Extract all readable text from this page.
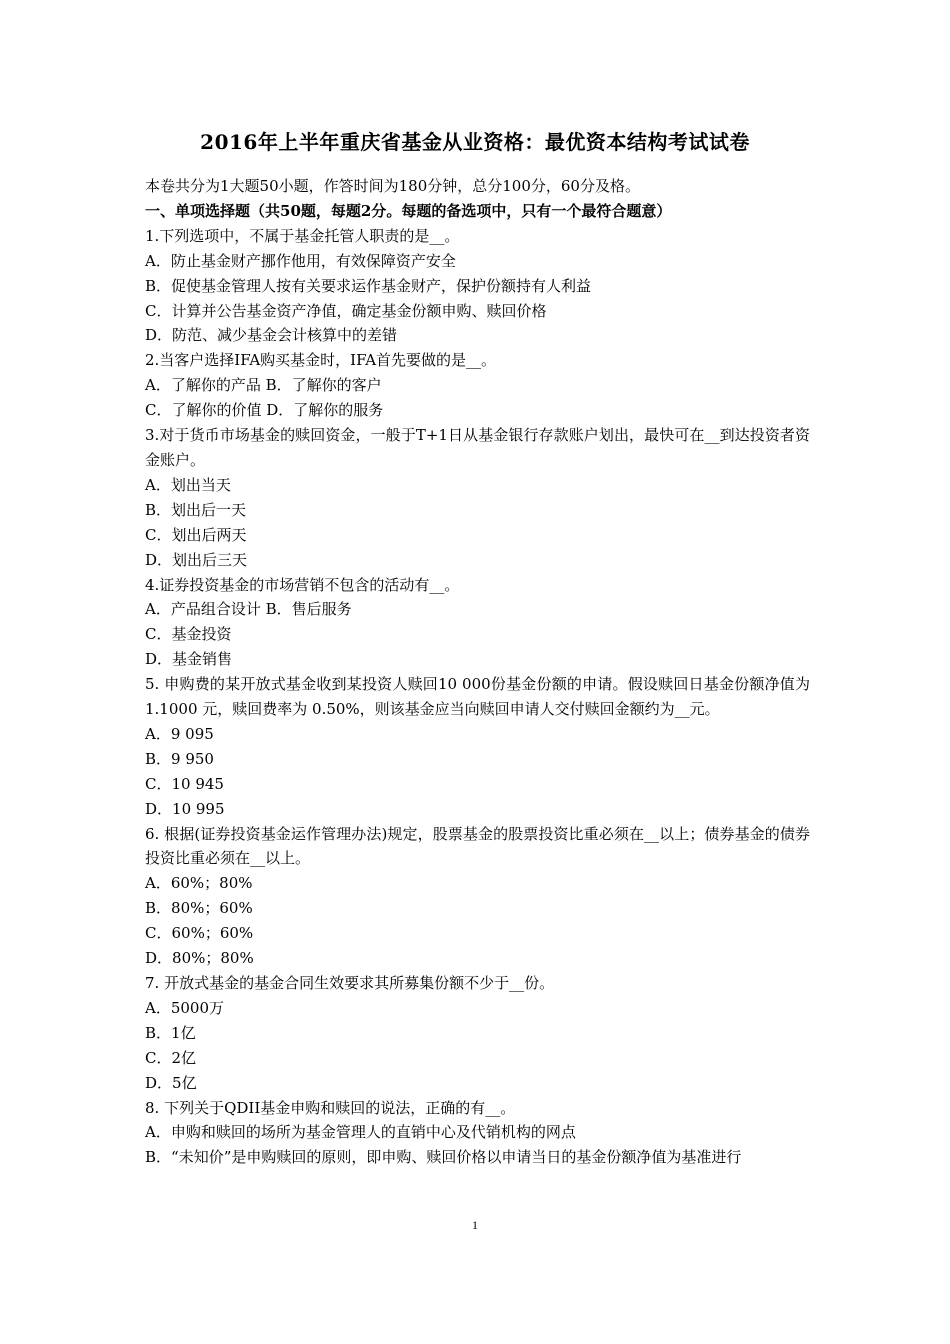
2016年上半年重庆省基金从业资格：最优资本结构考试试卷

本卷共分为1大题50小题，作答时间为180分钟，总分100分，60分及格。

一、单项选择题（共50题，每题2分。每题的备选项中，只有一个最符合题意）

1.下列选项中，不属于基金托管人职责的是__。

A．防止基金财产挪作他用，有效保障资产安全

B．促使基金管理人按有关要求运作基金财产，保护份额持有人利益

C．计算并公告基金资产净值，确定基金份额申购、赎回价格

D．防范、减少基金会计核算中的差错

2.当客户选择IFA购买基金时，IFA首先要做的是__。

A．了解你的产品 B．了解你的客户

C．了解你的价值 D．了解你的服务

3.对于货币市场基金的赎回资金，一般于T+1日从基金银行存款账户划出，最快可在__到达投资者资金账户。

A．划出当天

B．划出后一天

C．划出后两天

D．划出后三天

4.证券投资基金的市场营销不包含的活动有__。

A．产品组合设计 B．售后服务

C．基金投资

D．基金销售

5. 申购费的某开放式基金收到某投资人赎回10 000份基金份额的申请。假设赎回日基金份额净值为 1.1000 元，赎回费率为 0.50%，则该基金应当向赎回申请人交付赎回金额约为__元。

A．9 095

B．9 950

C．10 945

D．10 995

6. 根据(证券投资基金运作管理办法)规定，股票基金的股票投资比重必须在__以上；债券基金的债券投资比重必须在__以上。

A．60%；80%

B．80%；60%

C．60%；60%

D．80%；80%

7. 开放式基金的基金合同生效要求其所募集份额不少于__份。

A．5000万

B．1亿

C．2亿

D．5亿

8. 下列关于QDII基金申购和赎回的说法，正确的有__。

A．申购和赎回的场所为基金管理人的直销中心及代销机构的网点

B．“未知价”是申购赎回的原则，即申购、赎回价格以申请当日的基金份额净值为基准进行

1
